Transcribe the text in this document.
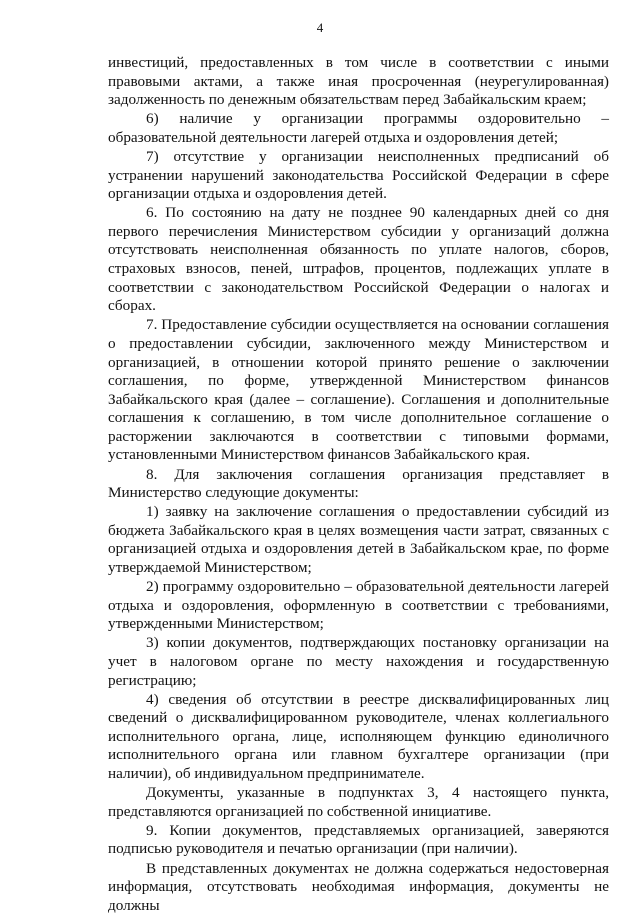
4

инвестиций, предоставленных в том числе в соответствии с иными правовыми актами, а также иная просроченная (неурегулированная) задолженность по денежным обязательствам перед Забайкальским краем;

6) наличие у организации программы оздоровительно – образовательной деятельности лагерей отдыха и оздоровления детей;

7) отсутствие у организации неисполненных предписаний об устранении нарушений законодательства Российской Федерации в сфере организации отдыха и оздоровления детей.

6. По состоянию на дату не позднее 90 календарных дней со дня первого перечисления Министерством субсидии у организаций должна отсутствовать неисполненная обязанность по уплате налогов, сборов, страховых взносов, пеней, штрафов, процентов, подлежащих уплате в соответствии с законодательством Российской Федерации о налогах и сборах.

7. Предоставление субсидии осуществляется на основании соглашения о предоставлении субсидии, заключенного между Министерством и организацией, в отношении которой принято решение о заключении соглашения, по форме, утвержденной Министерством финансов Забайкальского края (далее – соглашение). Соглашения и дополнительные соглашения к соглашению, в том числе дополнительное соглашение о расторжении заключаются в соответствии с типовыми формами, установленными Министерством финансов Забайкальского края.

8. Для заключения соглашения организация представляет в Министерство следующие документы:

1) заявку на заключение соглашения о предоставлении субсидий из бюджета Забайкальского края в целях возмещения части затрат, связанных с организацией отдыха и оздоровления детей в Забайкальском крае, по форме утверждаемой Министерством;

2) программу оздоровительно – образовательной деятельности лагерей отдыха и оздоровления, оформленную в соответствии с требованиями, утвержденными Министерством;

3) копии документов, подтверждающих постановку организации на учет в налоговом органе по месту нахождения и государственную регистрацию;

4) сведения об отсутствии в реестре дисквалифицированных лиц сведений о дисквалифицированном руководителе, членах коллегиального исполнительного органа, лице, исполняющем функцию единоличного исполнительного органа или главном бухгалтере организации (при наличии), об индивидуальном предпринимателе.

Документы, указанные в подпунктах 3, 4 настоящего пункта, представляются организацией по собственной инициативе.

9. Копии документов, представляемых организацией, заверяются подписью руководителя и печатью организации (при наличии).

В представленных документах не должна содержаться недостоверная информация, отсутствовать необходимая информация, документы не должны
